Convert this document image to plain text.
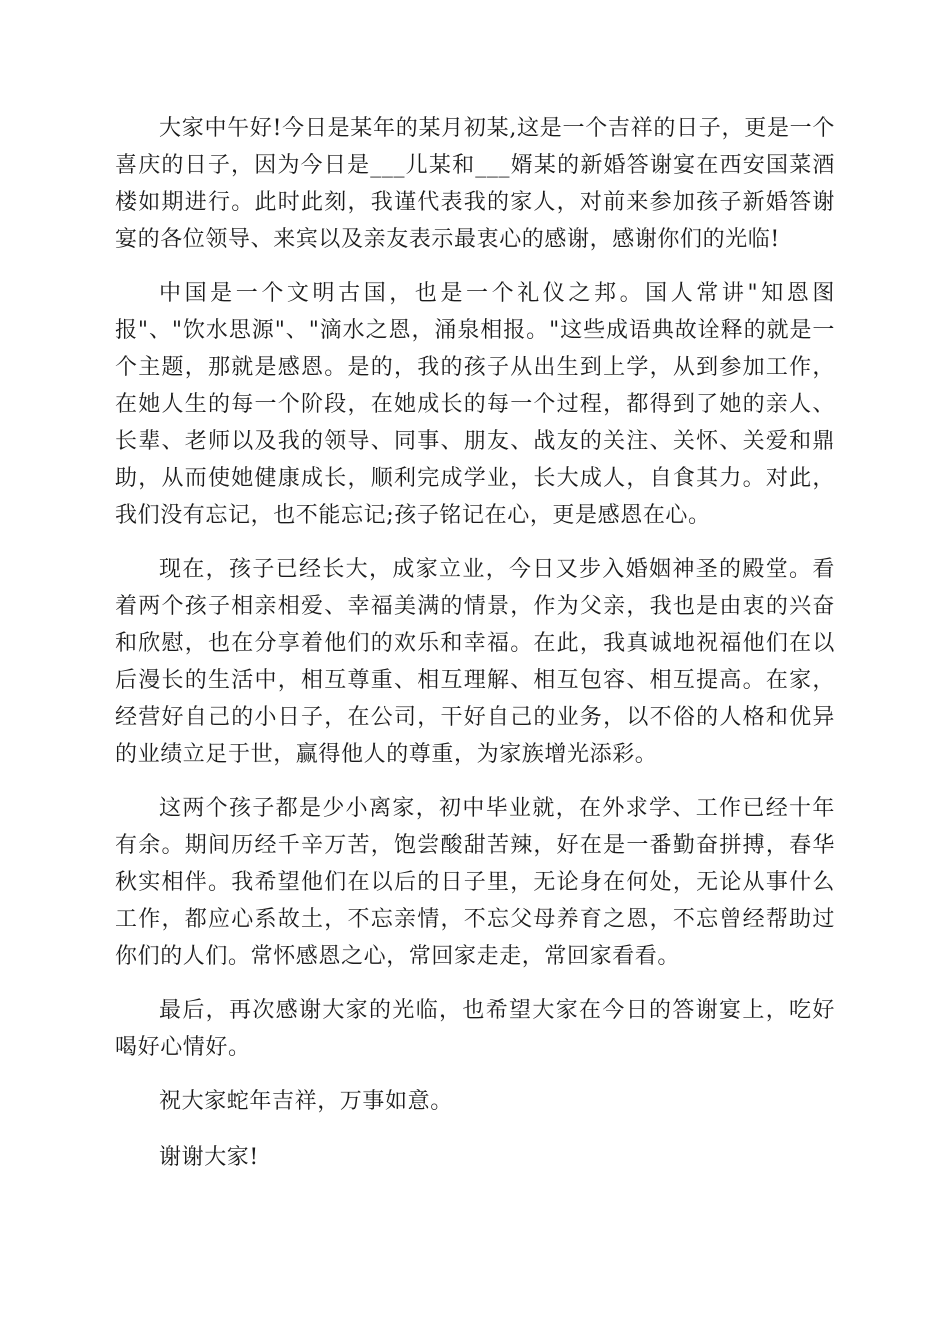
大家中午好!今日是某年的某月初某,这是一个吉祥的日子，更是一个喜庆的日子，因为今日是___儿某和___婿某的新婚答谢宴在西安国菜酒楼如期进行。此时此刻，我谨代表我的家人，对前来参加孩子新婚答谢宴的各位领导、来宾以及亲友表示最衷心的感谢，感谢你们的光临!

中国是一个文明古国，也是一个礼仪之邦。国人常讲"知恩图报"、"饮水思源"、"滴水之恩，涌泉相报。"这些成语典故诠释的就是一个主题，那就是感恩。是的，我的孩子从出生到上学，从到参加工作，在她人生的每一个阶段，在她成长的每一个过程，都得到了她的亲人、长辈、老师以及我的领导、同事、朋友、战友的关注、关怀、关爱和鼎助，从而使她健康成长，顺利完成学业，长大成人，自食其力。对此，我们没有忘记，也不能忘记;孩子铭记在心，更是感恩在心。

现在，孩子已经长大，成家立业，今日又步入婚姻神圣的殿堂。看着两个孩子相亲相爱、幸福美满的情景，作为父亲，我也是由衷的兴奋和欣慰，也在分享着他们的欢乐和幸福。在此，我真诚地祝福他们在以后漫长的生活中，相互尊重、相互理解、相互包容、相互提高。在家，经营好自己的小日子，在公司，干好自己的业务，以不俗的人格和优异的业绩立足于世，赢得他人的尊重，为家族增光添彩。

这两个孩子都是少小离家，初中毕业就，在外求学、工作已经十年有余。期间历经千辛万苦，饱尝酸甜苦辣，好在是一番勤奋拼搏，春华秋实相伴。我希望他们在以后的日子里，无论身在何处，无论从事什么工作，都应心系故土，不忘亲情，不忘父母养育之恩，不忘曾经帮助过你们的人们。常怀感恩之心，常回家走走，常回家看看。

最后，再次感谢大家的光临，也希望大家在今日的答谢宴上，吃好喝好心情好。

祝大家蛇年吉祥，万事如意。

谢谢大家!
